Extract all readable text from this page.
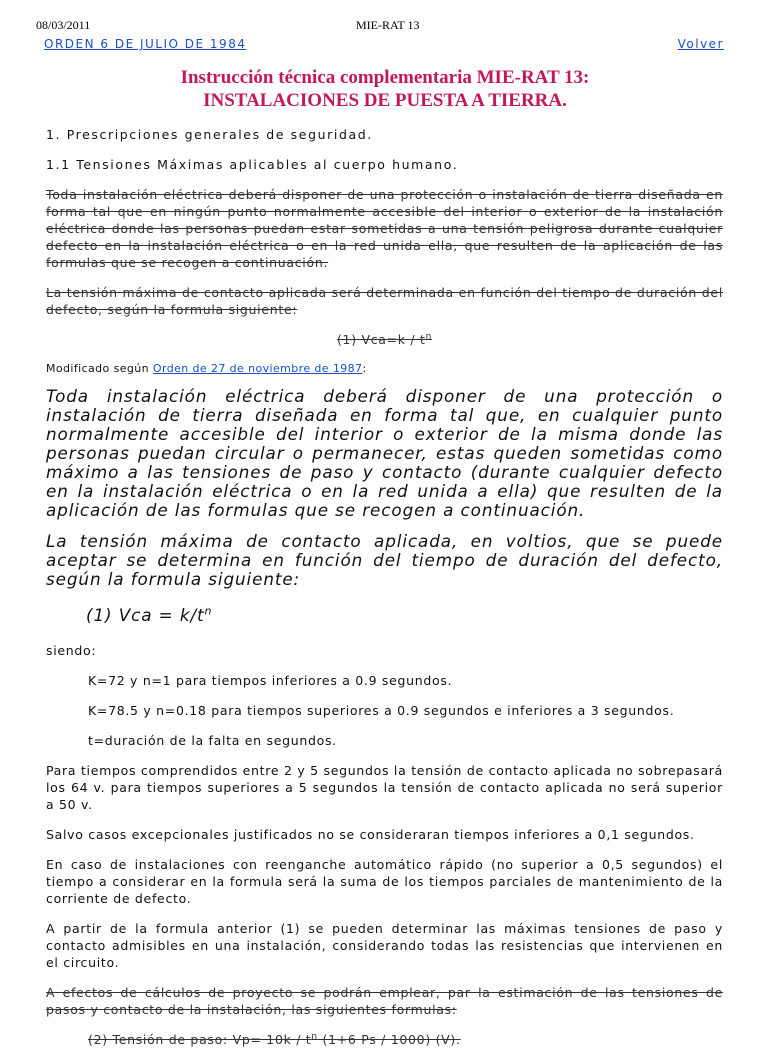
08/03/2011	MIE-RAT 13
ORDEN 6 DE JULIO DE 1984	Volver
Instrucción técnica complementaria MIE-RAT 13:
INSTALACIONES DE PUESTA A TIERRA.

1. Prescripciones generales de seguridad.

1.1 Tensiones Máximas aplicables al cuerpo humano.

Toda instalación eléctrica deberá disponer de una protección o instalación de tierra diseñada en forma tal que en ningún punto normalmente accesible del interior o exterior de la instalación eléctrica donde las personas puedan estar sometidas a una tensión peligrosa durante cualquier defecto en la instalación eléctrica o en la red unida ella, que resulten de la aplicación de las formulas que se recogen a continuación.

La tensión máxima de contacto aplicada será determinada en función del tiempo de duración del defecto, según la formula siguiente:

(1) $Vca=k / t^n$

Modificado según Orden de 27 de noviembre de 1987:

Toda instalación eléctrica deberá disponer de una protección o instalación de tierra diseñada en forma tal que, en cualquier punto normalmente accesible del interior o exterior de la misma donde las personas puedan circular o permanecer, estas queden sometidas como máximo a las tensiones de paso y contacto (durante cualquier defecto en la instalación eléctrica o en la red unida a ella) que resulten de la aplicación de las formulas que se recogen a continuación.

La tensión máxima de contacto aplicada, en voltios, que se puede aceptar se determina en función del tiempo de duración del defecto, según la formula siguiente:

(1) Vca = $k/t^n$

siendo:

K=72 y n=1 para tiempos inferiores a 0.9 segundos.

K=78.5 y n=0.18 para tiempos superiores a 0.9 segundos e inferiores a 3 segundos.

t=duración de la falta en segundos.

Para tiempos comprendidos entre 2 y 5 segundos la tensión de contacto aplicada no sobrepasará los 64 v. para tiempos superiores a 5 segundos la tensión de contacto aplicada no será superior a 50 v.

Salvo casos excepcionales justificados no se consideraran tiempos inferiores a 0,1 segundos.

En caso de instalaciones con reenganche automático rápido (no superior a 0,5 segundos) el tiempo a considerar en la formula será la suma de los tiempos parciales de mantenimiento de la corriente de defecto.

A partir de la formula anterior (1) se pueden determinar las máximas tensiones de paso y contacto admisibles en una instalación, considerando todas las resistencias que intervienen en el circuito.

A efectos de cálculos de proyecto se podrán emplear, par la estimación de las tensiones de pasos y contacto de la instalación, las siguientes formulas:

(2) Tensión de paso: $Vp= 10k / t^n$ (1+6 Ps / 1000) (V).
